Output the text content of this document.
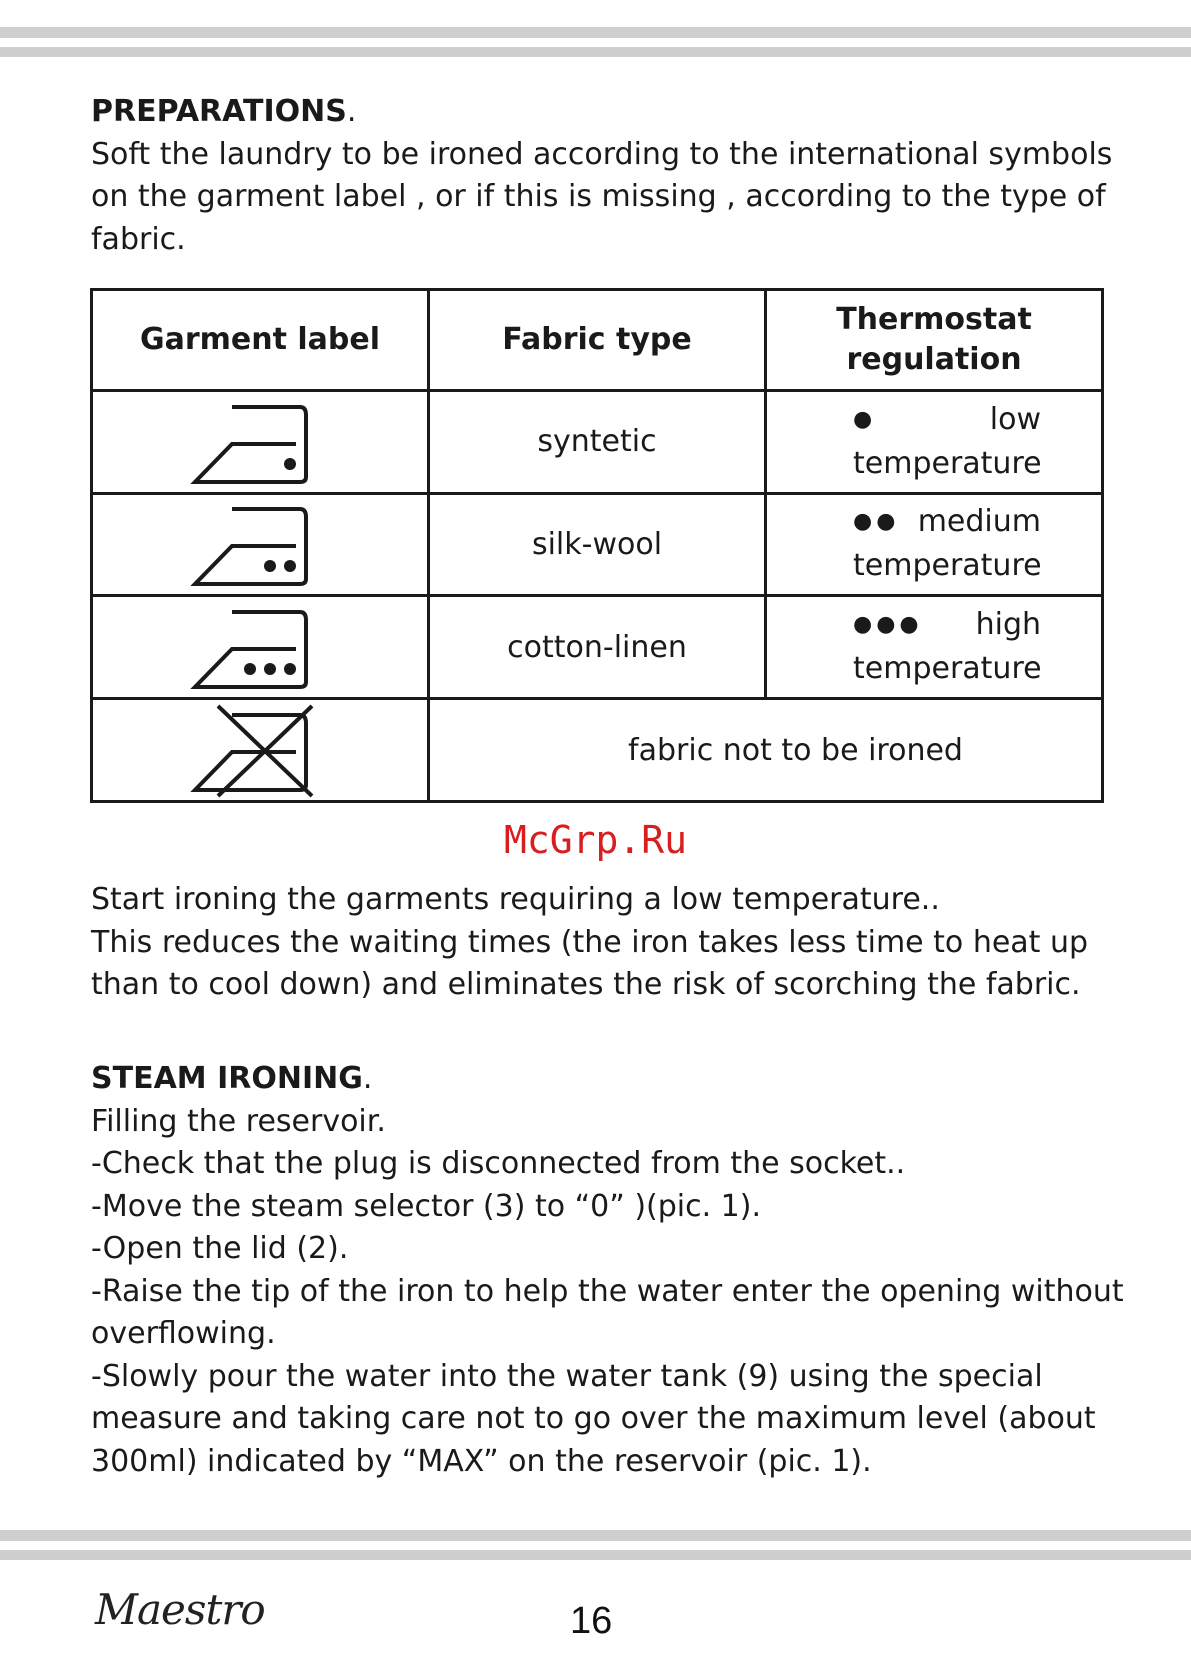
PREPARATIONS.
Soft the laundry to be ironed according to the international symbols
on the garment label , or if this is missing , according to the type of
fabric.
Garment label	Fabric type	Thermostat regulation

	syntetic	● low
temperature

	silk-wool	●● medium
temperature

	cotton-linen	●●● high
temperature

	fabric not to be ironed	
McGrp.Ru
Start ironing the garments requiring a low temperature..
This reduces the waiting times (the iron takes less time to heat up
than to cool down) and eliminates the risk of scorching the fabric.
STEAM IRONING.
Filling the reservoir.
-Check that the plug is disconnected from the socket..
-Move the steam selector (3) to “0” )(pic. 1).
-Open the lid (2).
-Raise the tip of the iron to help the water enter the opening without
overflowing.
-Slowly pour the water into the water tank (9) using the special
measure and taking care not to go over the maximum level (about
300ml) indicated by “MAX” on the reservoir (pic. 1).
Maestro	16
